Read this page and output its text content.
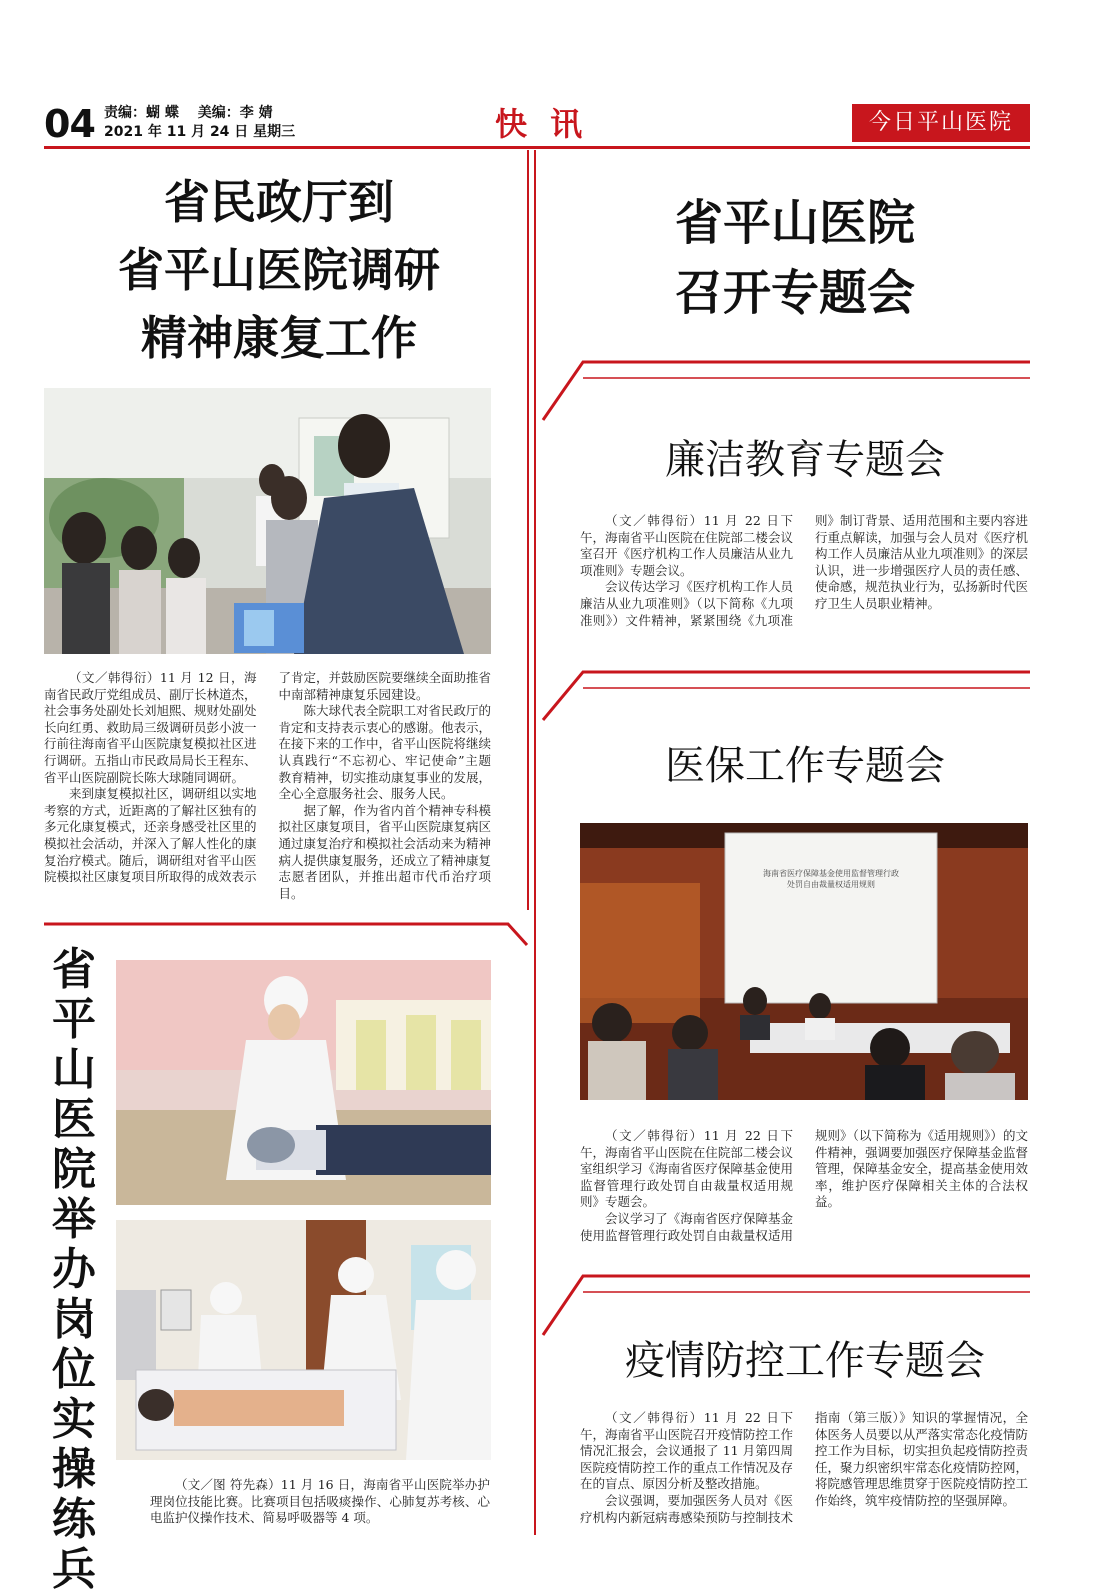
04 责编：蝴 蝶　 美编：李 婧
2021 年 11 月 24 日 星期三	快 讯	今日平山医院
省民政厅到
省平山医院调研
精神康复工作

（文／韩得衍）11 月 12 日，海南省民政厅党组成员、副厅长林道杰，社会事务处副处长刘旭熙、规财处副处长向红勇、救助局三级调研员彭小波一行前往海南省平山医院康复模拟社区进行调研。五指山市民政局局长王程东、省平山医院副院长陈大球随同调研。

来到康复模拟社区，调研组以实地考察的方式，近距离的了解社区独有的多元化康复模式，还亲身感受社区里的模拟社会活动，并深入了解人性化的康复治疗模式。随后，调研组对省平山医院模拟社区康复项目所取得的成效表示了肯定，并鼓励医院要继续全面助推省中南部精神康复乐园建设。

陈大球代表全院职工对省民政厅的肯定和支持表示衷心的感谢。他表示，在接下来的工作中，省平山医院将继续认真践行“不忘初心、牢记使命”主题教育精神，切实推动康复事业的发展，全心全意服务社会、服务人民。

据了解，作为省内首个精神专科模拟社区康复项目，省平山医院康复病区通过康复治疗和模拟社会活动来为精神病人提供康复服务，还成立了精神康复志愿者团队，并推出超市代币治疗项目。

省
平
山
医
院
举
办
岗
位
实
操
练
兵

（文／图 符先森）11 月 16 日，海南省平山医院举办护理岗位技能比赛。比赛项目包括吸痰操作、心肺复苏考核、心电监护仪操作技术、简易呼吸器等 4 项。

省平山医院
召开专题会
廉洁教育专题会

（文／韩得衍）11 月 22 日下午，海南省平山医院在住院部二楼会议室召开《医疗机构工作人员廉洁从业九项准则》专题会议。

会议传达学习《医疗机构工作人员廉洁从业九项准则》（以下简称《九项准则》）文件精神，紧紧围绕《九项准则》制订背景、适用范围和主要内容进行重点解读，加强与会人员对《医疗机构工作人员廉洁从业九项准则》的深层认识，进一步增强医疗人员的责任感、使命感，规范执业行为，弘扬新时代医疗卫生人员职业精神。

医保工作专题会
海南省医疗保障基金使用监督管理行政
处罚自由裁量权适用规则

（文／韩得衍）11 月 22 日下午，海南省平山医院在住院部二楼会议室组织学习《海南省医疗保障基金使用监督管理行政处罚自由裁量权适用规则》专题会。

会议学习了《海南省医疗保障基金使用监督管理行政处罚自由裁量权适用规则》（以下简称为《适用规则》）的文件精神，强调要加强医疗保障基金监督管理，保障基金安全，提高基金使用效率，维护医疗保障相关主体的合法权益。

疫情防控工作专题会

（文／韩得衍）11 月 22 日下午，海南省平山医院召开疫情防控工作情况汇报会，会议通报了 11 月第四周医院疫情防控工作的重点工作情况及存在的盲点、原因分析及整改措施。

会议强调，要加强医务人员对《医疗机构内新冠病毒感染预防与控制技术指南（第三版）》知识的掌握情况，全体医务人员要以从严落实常态化疫情防控工作为目标，切实担负起疫情防控责任，聚力织密织牢常态化疫情防控网，将院感管理思维贯穿于医院疫情防控工作始终，筑牢疫情防控的坚强屏障。
